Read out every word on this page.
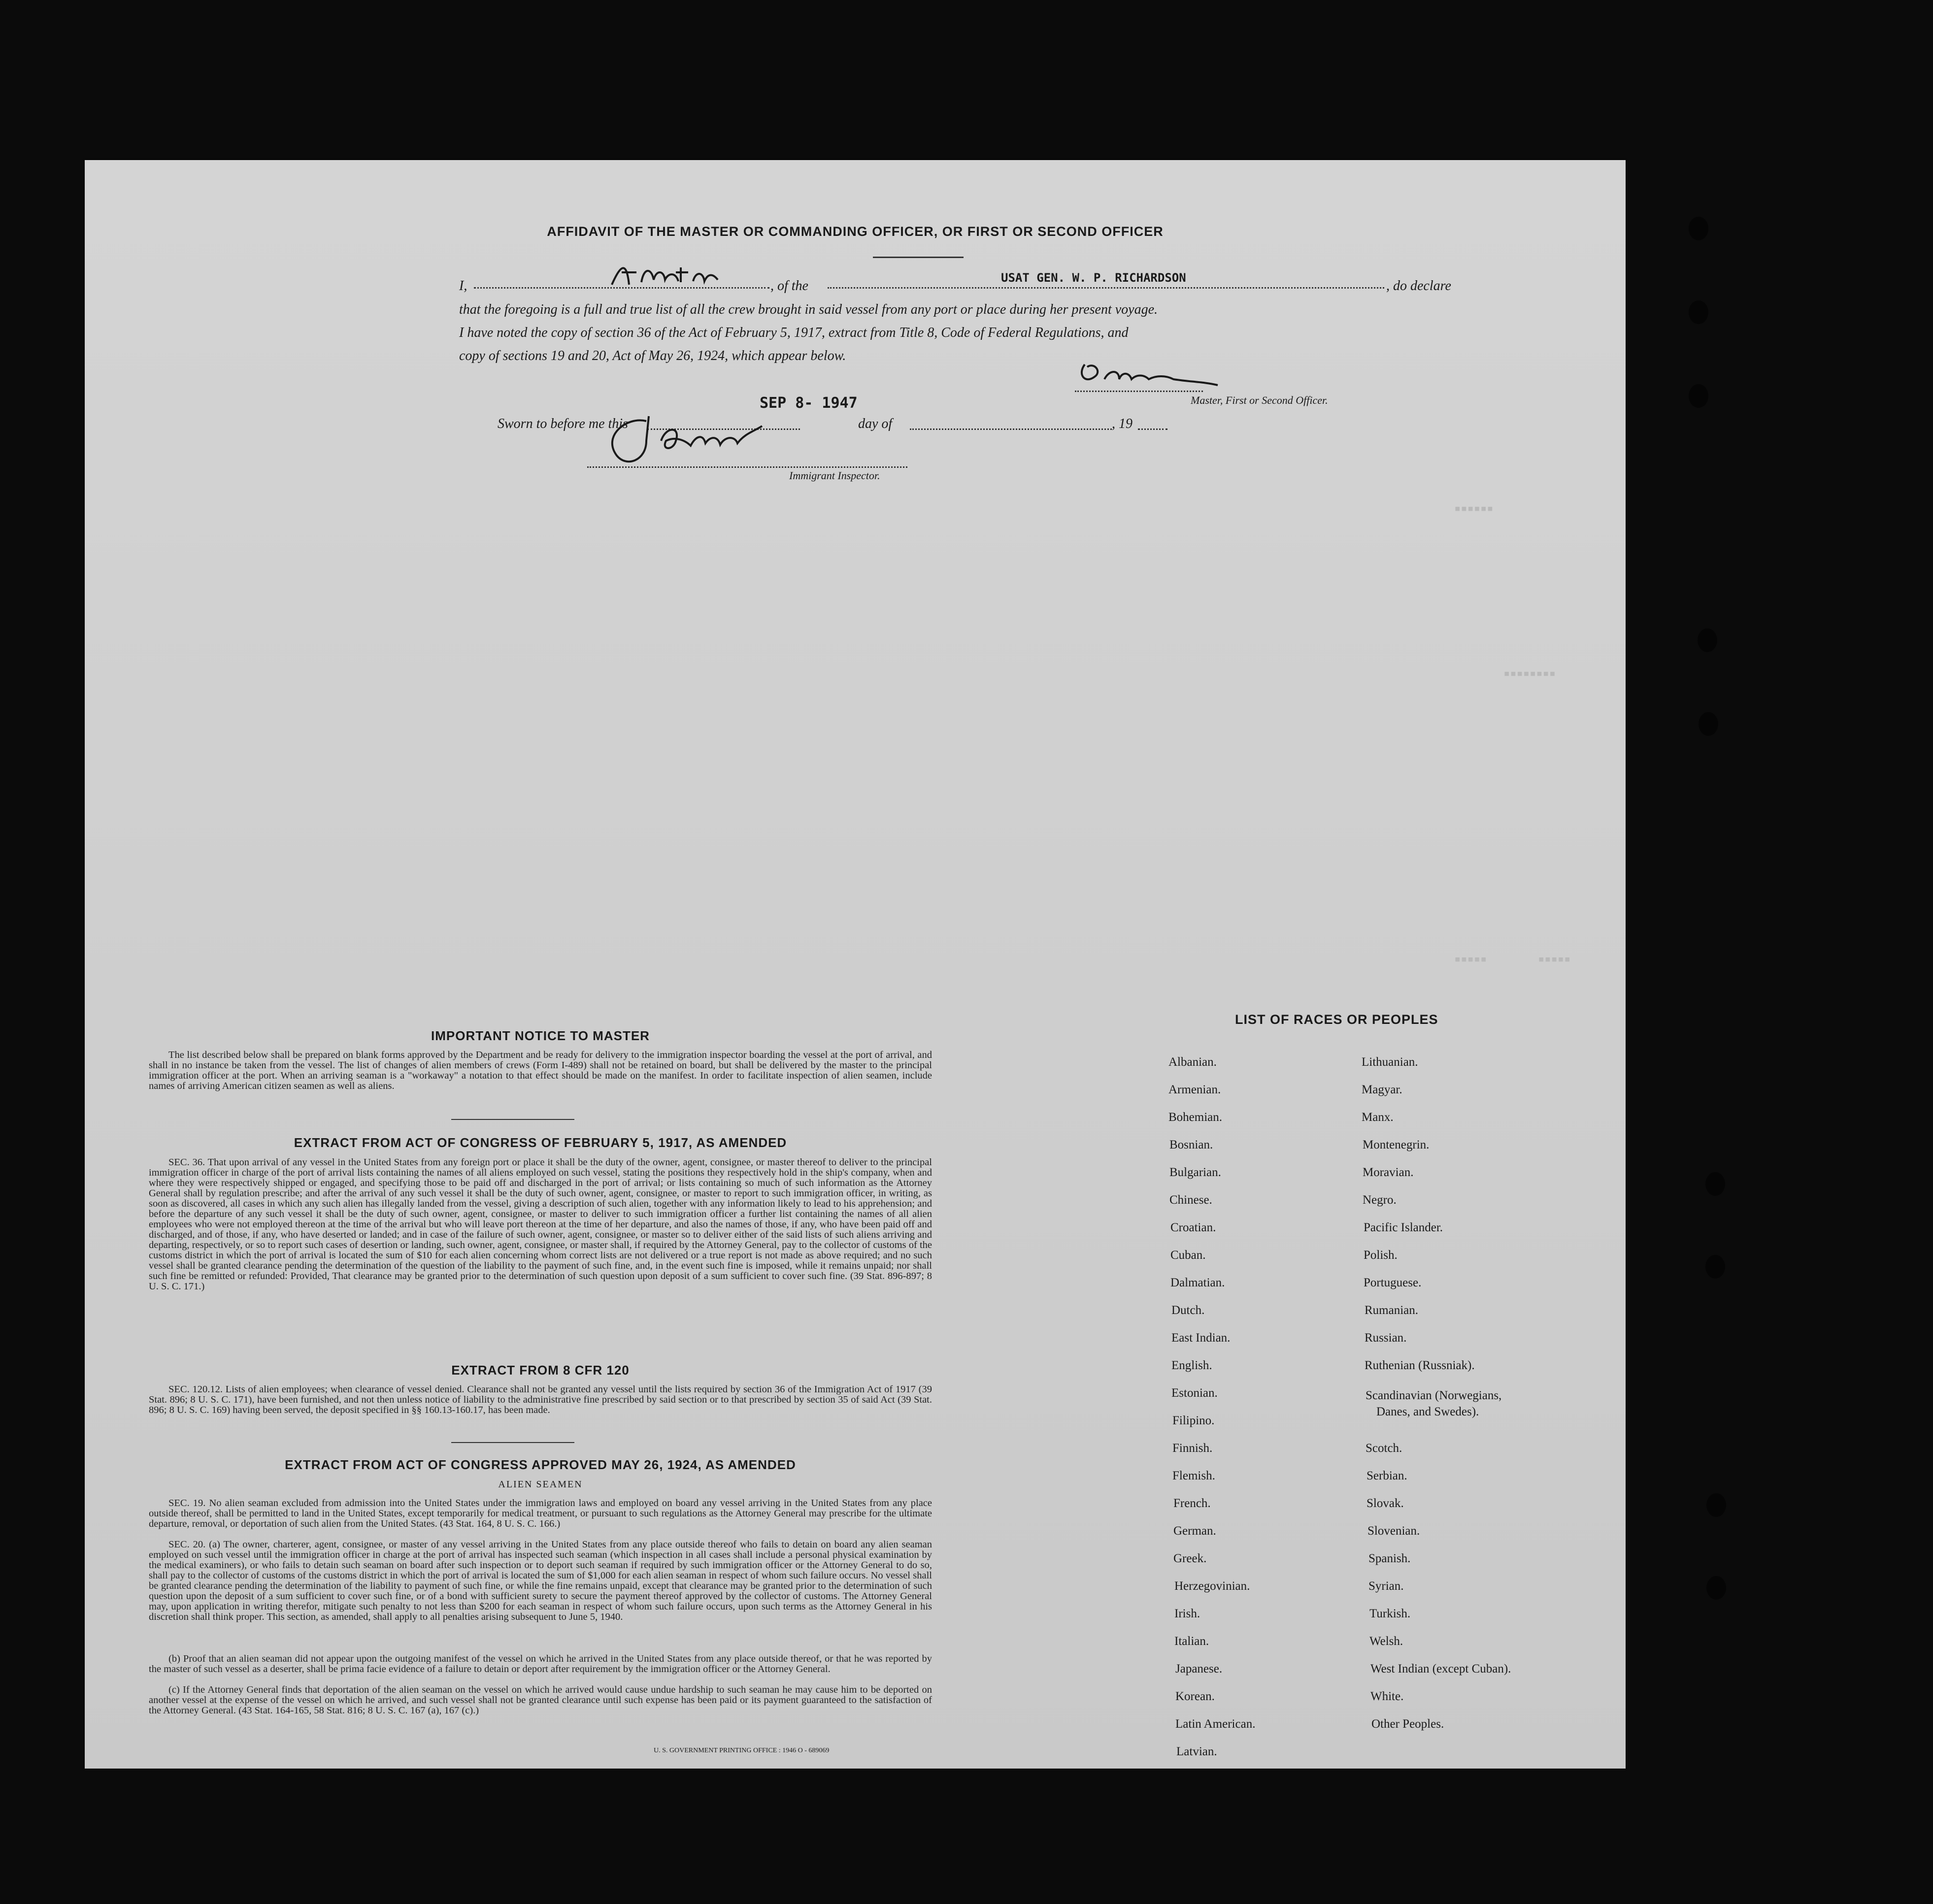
▪▪▪▪▪▪
▪▪▪▪▪▪▪▪
▪▪▪▪▪	▪▪▪▪▪
AFFIDAVIT OF THE MASTER OR COMMANDING OFFICER, OR FIRST OR SECOND OFFICER
I,	, of the
USAT GEN. W. P. RICHARDSON
, do declare
that the foregoing is a full and true list of all the crew brought in said vessel from any port or place during her present voyage.
I have noted the copy of section 36 of the Act of February 5, 1917, extract from Title 8, Code of Federal Regulations, and
copy of sections 19 and 20, Act of May 26, 1924, which appear below.
Master, First or Second Officer.
Sworn to before me this
SEP 8- 1947
day of	, 19
Immigrant Inspector.
IMPORTANT NOTICE TO MASTER
The list described below shall be prepared on blank forms approved by the Department and be ready for delivery to the immigration inspector boarding the vessel at the port of arrival, and shall in no instance be taken from the vessel. The list of changes of alien members of crews (Form I-489) shall not be retained on board, but shall be delivered by the master to the principal immigration officer at the port. When an arriving seaman is a "workaway" a notation to that effect should be made on the manifest. In order to facilitate inspection of alien seamen, include names of arriving American citizen seamen as well as aliens.
EXTRACT FROM ACT OF CONGRESS OF FEBRUARY 5, 1917, AS AMENDED
SEC. 36. That upon arrival of any vessel in the United States from any foreign port or place it shall be the duty of the owner, agent, consignee, or master thereof to deliver to the principal immigration officer in charge of the port of arrival lists containing the names of all aliens employed on such vessel, stating the positions they respectively hold in the ship's company, when and where they were respectively shipped or engaged, and specifying those to be paid off and discharged in the port of arrival; or lists containing so much of such information as the Attorney General shall by regulation prescribe; and after the arrival of any such vessel it shall be the duty of such owner, agent, consignee, or master to report to such immigration officer, in writing, as soon as discovered, all cases in which any such alien has illegally landed from the vessel, giving a description of such alien, together with any information likely to lead to his apprehension; and before the departure of any such vessel it shall be the duty of such owner, agent, consignee, or master to deliver to such immigration officer a further list containing the names of all alien employees who were not employed thereon at the time of the arrival but who will leave port thereon at the time of her departure, and also the names of those, if any, who have been paid off and discharged, and of those, if any, who have deserted or landed; and in case of the failure of such owner, agent, consignee, or master so to deliver either of the said lists of such aliens arriving and departing, respectively, or so to report such cases of desertion or landing, such owner, agent, consignee, or master shall, if required by the Attorney General, pay to the collector of customs of the customs district in which the port of arrival is located the sum of $10 for each alien concerning whom correct lists are not delivered or a true report is not made as above required; and no such vessel shall be granted clearance pending the determination of the question of the liability to the payment of such fine, and, in the event such fine is imposed, while it remains unpaid; nor shall such fine be remitted or refunded: Provided, That clearance may be granted prior to the determination of such question upon deposit of a sum sufficient to cover such fine. (39 Stat. 896-897; 8 U. S. C. 171.)
EXTRACT FROM 8 CFR 120
SEC. 120.12. Lists of alien employees; when clearance of vessel denied. Clearance shall not be granted any vessel until the lists required by section 36 of the Immigration Act of 1917 (39 Stat. 896; 8 U. S. C. 171), have been furnished, and not then unless notice of liability to the administrative fine prescribed by said section or to that prescribed by section 35 of said Act (39 Stat. 896; 8 U. S. C. 169) having been served, the deposit specified in §§ 160.13-160.17, has been made.
EXTRACT FROM ACT OF CONGRESS APPROVED MAY 26, 1924, AS AMENDED
ALIEN SEAMEN
SEC. 19. No alien seaman excluded from admission into the United States under the immigration laws and employed on board any vessel arriving in the United States from any place outside thereof, shall be permitted to land in the United States, except temporarily for medical treatment, or pursuant to such regulations as the Attorney General may prescribe for the ultimate departure, removal, or deportation of such alien from the United States. (43 Stat. 164, 8 U. S. C. 166.)
SEC. 20. (a) The owner, charterer, agent, consignee, or master of any vessel arriving in the United States from any place outside thereof who fails to detain on board any alien seaman employed on such vessel until the immigration officer in charge at the port of arrival has inspected such seaman (which inspection in all cases shall include a personal physical examination by the medical examiners), or who fails to detain such seaman on board after such inspection or to deport such seaman if required by such immigration officer or the Attorney General to do so, shall pay to the collector of customs of the customs district in which the port of arrival is located the sum of $1,000 for each alien seaman in respect of whom such failure occurs. No vessel shall be granted clearance pending the determination of the liability to payment of such fine, or while the fine remains unpaid, except that clearance may be granted prior to the determination of such question upon the deposit of a sum sufficient to cover such fine, or of a bond with sufficient surety to secure the payment thereof approved by the collector of customs. The Attorney General may, upon application in writing therefor, mitigate such penalty to not less than $200 for each seaman in respect of whom such failure occurs, upon such terms as the Attorney General in his discretion shall think proper. This section, as amended, shall apply to all penalties arising subsequent to June 5, 1940.
(b) Proof that an alien seaman did not appear upon the outgoing manifest of the vessel on which he arrived in the United States from any place outside thereof, or that he was reported by the master of such vessel as a deserter, shall be prima facie evidence of a failure to detain or deport after requirement by the immigration officer or the Attorney General.
(c) If the Attorney General finds that deportation of the alien seaman on the vessel on which he arrived would cause undue hardship to such seaman he may cause him to be deported on another vessel at the expense of the vessel on which he arrived, and such vessel shall not be granted clearance until such expense has been paid or its payment guaranteed to the satisfaction of the Attorney General. (43 Stat. 164-165, 58 Stat. 816; 8 U. S. C. 167 (a), 167 (c).)
U. S. GOVERNMENT PRINTING OFFICE : 1946 O - 689069
LIST OF RACES OR PEOPLES
Albanian.
Armenian.
Bohemian.
Bosnian.
Bulgarian.
Chinese.
Croatian.
Cuban.
Dalmatian.
Dutch.
East Indian.
English.
Estonian.
Filipino.
Finnish.
Flemish.
French.
German.
Greek.
Herzegovinian.
Irish.
Italian.
Japanese.
Korean.
Latin American.
Latvian.
Lithuanian.
Magyar.
Manx.
Montenegrin.
Moravian.
Negro.
Pacific Islander.
Polish.
Portuguese.
Rumanian.
Russian.
Ruthenian (Russniak).
Scandinavian (Norwegians,
Danes, and Swedes).
Scotch.
Serbian.
Slovak.
Slovenian.
Spanish.
Syrian.
Turkish.
Welsh.
West Indian (except Cuban).
White.
Other Peoples.
